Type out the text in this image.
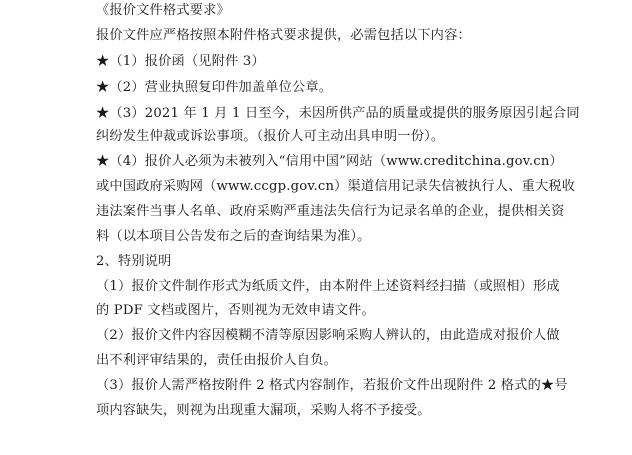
《报价文件格式要求》
报价文件应严格按照本附件格式要求提供，必需包括以下内容：
★（1）报价函（见附件 3）
★（2）营业执照复印件加盖单位公章。
★（3）2021 年 1 月 1 日至今，未因所供产品的质量或提供的服务原因引起合同
纠纷发生仲裁或诉讼事项。（报价人可主动出具申明一份）。
★（4）报价人必须为未被列入“信用中国”网站（www.creditchina.gov.cn）
或中国政府采购网（www.ccgp.gov.cn）渠道信用记录失信被执行人、重大税收
违法案件当事人名单、政府采购严重违法失信行为记录名单的企业，提供相关资
料（以本项目公告发布之后的查询结果为准）。
2、特别说明
（1）报价文件制作形式为纸质文件，由本附件上述资料经扫描（或照相）形成
的 PDF 文档或图片，否则视为无效申请文件。
（2）报价文件内容因模糊不清等原因影响采购人辨认的，由此造成对报价人做
出不利评审结果的，责任由报价人自负。
（3）报价人需严格按附件 2 格式内容制作，若报价文件出现附件 2 格式的★号
项内容缺失，则视为出现重大漏项，采购人将不予接受。
